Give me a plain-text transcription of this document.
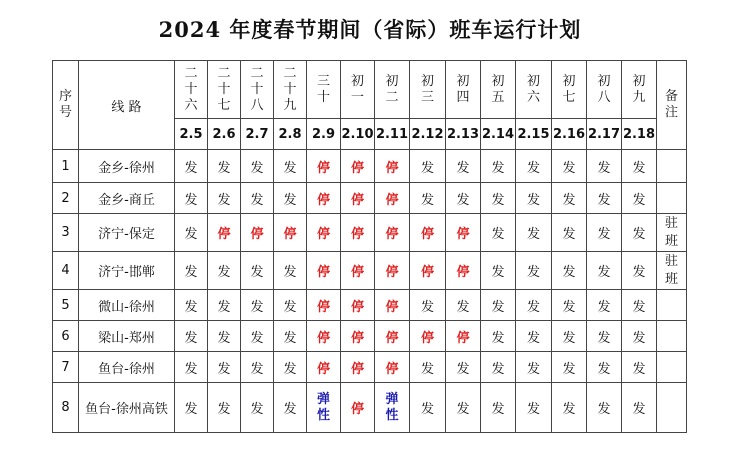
2024 年度春节期间（省际）班车运行计划
序
号	线 路	二
十
六	二
十
七	二
十
八	二
十
九	三
十	初
一	初
二	初
三	初
四	初
五	初
六	初
七	初
八	初
九	备
注

		2.5	2.6	2.7	2.8	2.9	2.10	2.11	2.12	2.13	2.14	2.15	2.16	2.17	2.18	
1	金乡-徐州	发	发	发	发	停	停	停	发	发	发	发	发	发	发	
2	金乡-商丘	发	发	发	发	停	停	停	发	发	发	发	发	发	发	
3	济宁-保定	发	停	停	停	停	停	停	停	停	发	发	发	发	发	驻
班

4	济宁-邯郸	发	发	发	发	停	停	停	停	停	发	发	发	发	发	驻
班

5	微山-徐州	发	发	发	发	停	停	停	发	发	发	发	发	发	发	
6	梁山-郑州	发	发	发	发	停	停	停	停	停	发	发	发	发	发	
7	鱼台-徐州	发	发	发	发	停	停	停	发	发	发	发	发	发	发	
8	鱼台-徐州高铁	发	发	发	发	弹
性	停	弹
性	发	发	发	发	发	发	发	
